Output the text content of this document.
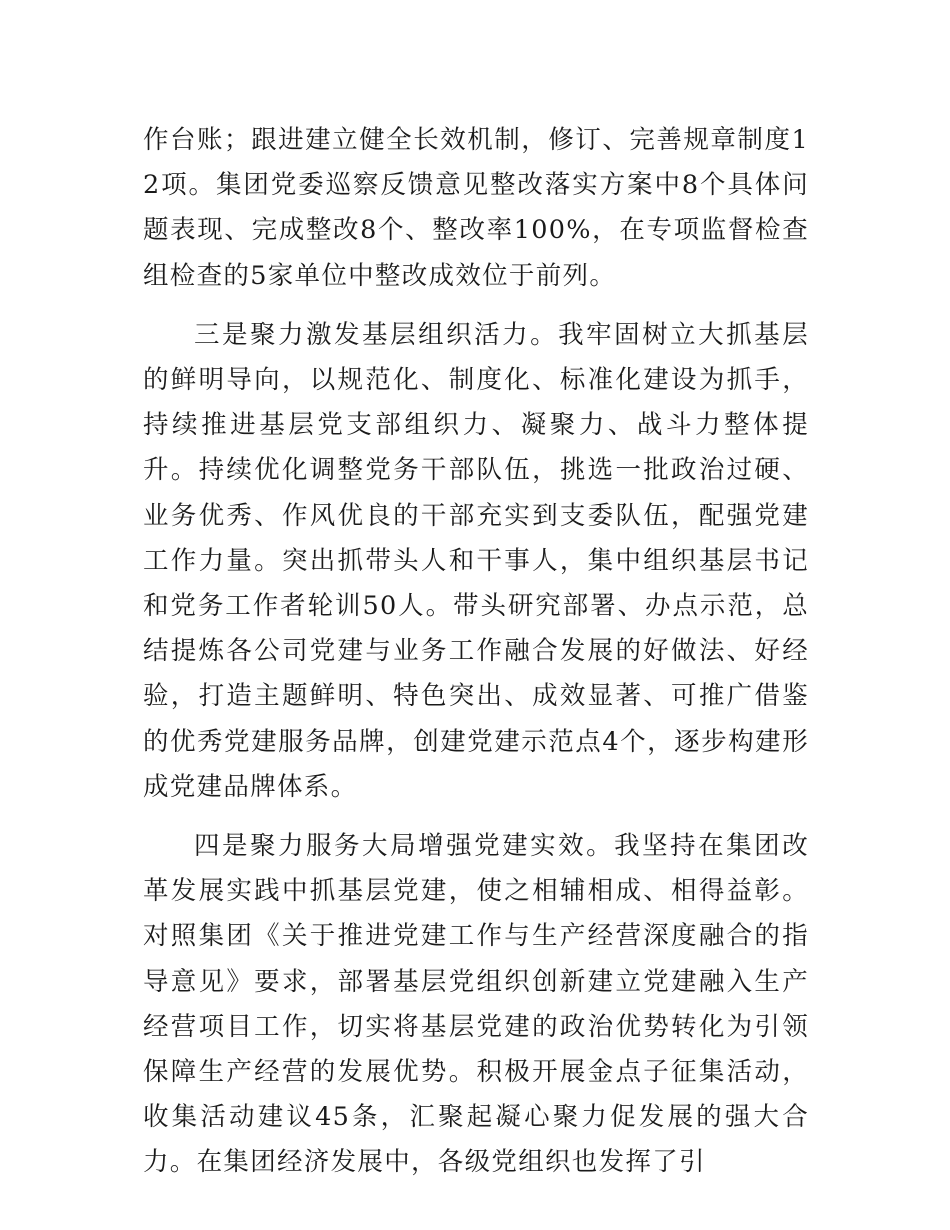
作台账；跟进建立健全长效机制，修订、完善规章制度12项。集团党委巡察反馈意见整改落实方案中8个具体问题表现、完成整改8个、整改率100%，在专项监督检查组检查的5家单位中整改成效位于前列。

三是聚力激发基层组织活力。我牢固树立大抓基层的鲜明导向，以规范化、制度化、标准化建设为抓手，持续推进基层党支部组织力、凝聚力、战斗力整体提升。持续优化调整党务干部队伍，挑选一批政治过硬、业务优秀、作风优良的干部充实到支委队伍，配强党建工作力量。突出抓带头人和干事人，集中组织基层书记和党务工作者轮训50人。带头研究部署、办点示范，总结提炼各公司党建与业务工作融合发展的好做法、好经验，打造主题鲜明、特色突出、成效显著、可推广借鉴的优秀党建服务品牌，创建党建示范点4个，逐步构建形成党建品牌体系。

四是聚力服务大局增强党建实效。我坚持在集团改革发展实践中抓基层党建，使之相辅相成、相得益彰。对照集团《关于推进党建工作与生产经营深度融合的指导意见》要求，部署基层党组织创新建立党建融入生产经营项目工作，切实将基层党建的政治优势转化为引领保障生产经营的发展优势。积极开展金点子征集活动，收集活动建议45条，汇聚起凝心聚力促发展的强大合力。在集团经济发展中，各级党组织也发挥了引
